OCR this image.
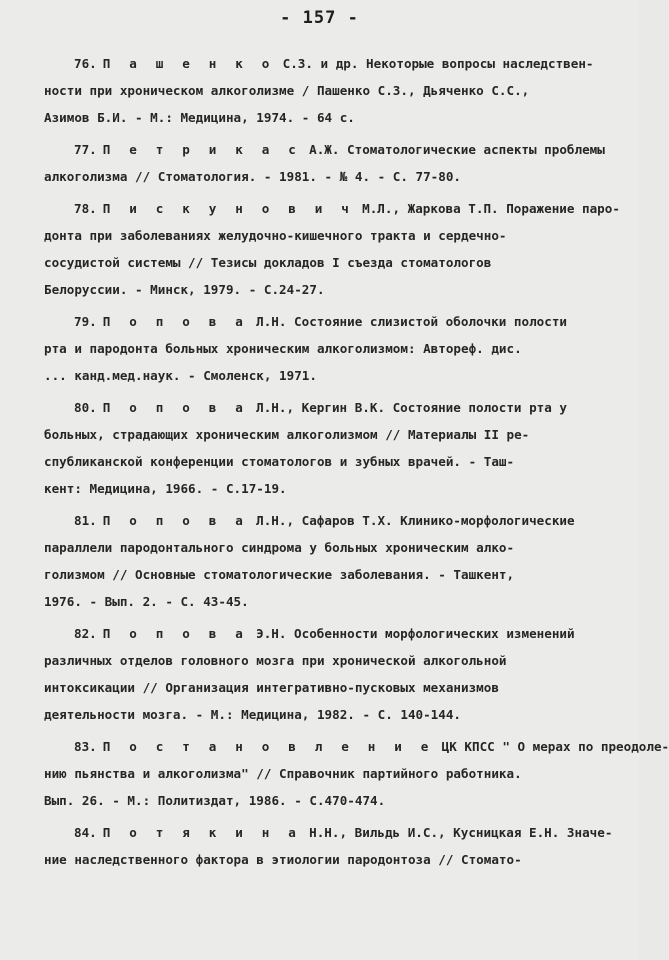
- 157 -
76. П а ш е н к о С.З. и др. Некоторые вопросы наследствен-
ности при хроническом алкоголизме / Пашенко С.З., Дьяченко С.С.,
Азимов Б.И. - М.: Медицина, 1974. - 64 с.
77. П е т р и к а с А.Ж. Стоматологические аспекты проблемы
алкоголизма // Стоматология. - 1981. - № 4. - С. 77-80.
78. П и с к у н о в и ч М.Л., Жаркова Т.П. Поражение паро-
донта при заболеваниях желудочно-кишечного тракта и сердечно-
сосудистой системы // Тезисы докладов I съезда стоматологов
Белоруссии. - Минск, 1979. - С.24-27.
79. П о п о в а Л.Н. Состояние слизистой оболочки полости
рта и пародонта больных хроническим алкоголизмом: Автореф. дис.
... канд.мед.наук. - Смоленск, 1971.
80. П о п о в а Л.Н., Кергин В.К. Состояние полости рта у
больных, страдающих хроническим алкоголизмом // Материалы II ре-
спубликанской конференции стоматологов и зубных врачей. - Таш-
кент: Медицина, 1966. - С.17-19.
81. П о п о в а Л.Н., Сафаров Т.Х. Клинико-морфологические
параллели пародонтального синдрома у больных хроническим алко-
голизмом // Основные стоматологические заболевания. - Ташкент,
1976. - Вып. 2. - С. 43-45.
82. П о п о в а Э.Н. Особенности морфологических изменений
различных отделов головного мозга при хронической алкогольной
интоксикации // Организация интегративно-пусковых механизмов
деятельности мозга. - М.: Медицина, 1982. - С. 140-144.
83. П о с т а н о в л е н и е ЦК КПСС " О мерах по преодоле-
нию пьянства и алкоголизма" // Справочник партийного работника.
Вып. 26. - М.: Политиздат, 1986. - С.470-474.
84. П о т я к и н а Н.Н., Вильдь И.С., Кусницкая Е.Н. Значе-
ние наследственного фактора в этиологии пародонтоза // Стомато-
